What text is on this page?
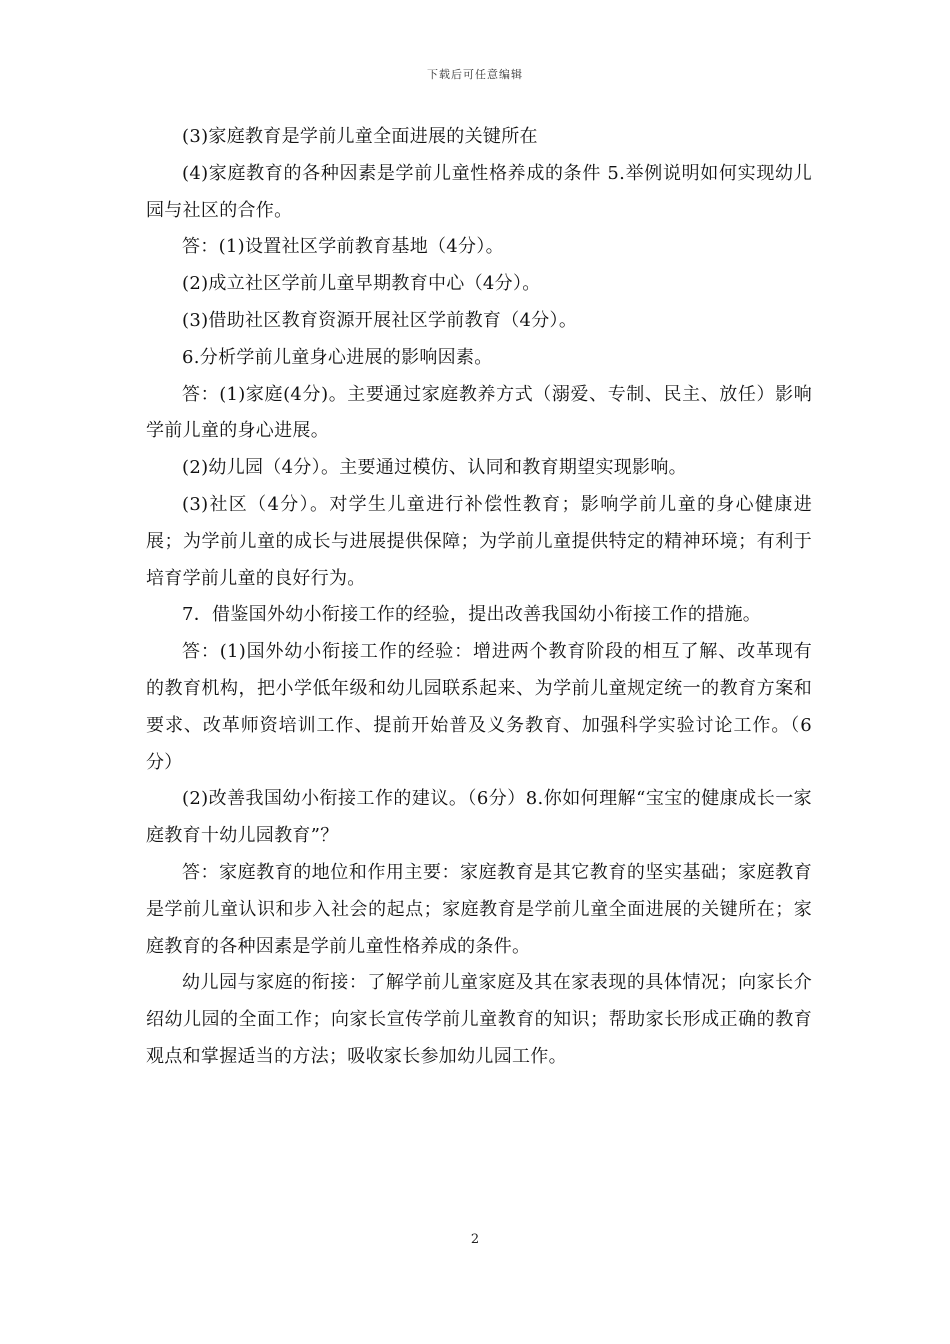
下载后可任意编辑

(3)家庭教育是学前儿童全面进展的关键所在

(4)家庭教育的各种因素是学前儿童性格养成的条件 5.举例说明如何实现幼儿园与社区的合作。

答：(1)设置社区学前教育基地（4分）。

(2)成立社区学前儿童早期教育中心（4分）。

(3)借助社区教育资源开展社区学前教育（4分）。

6.分析学前儿童身心进展的影响因素。

答：(1)家庭(4分)。主要通过家庭教养方式（溺爱、专制、民主、放任）影响学前儿童的身心进展。

(2)幼儿园（4分）。主要通过模仿、认同和教育期望实现影响。

(3)社区（4分）。对学生儿童进行补偿性教育；影响学前儿童的身心健康进展；为学前儿童的成长与进展提供保障；为学前儿童提供特定的精神环境；有利于培育学前儿童的良好行为。

7．借鉴国外幼小衔接工作的经验，提出改善我国幼小衔接工作的措施。

答：(1)国外幼小衔接工作的经验：增进两个教育阶段的相互了解、改革现有的教育机构，把小学低年级和幼儿园联系起来、为学前儿童规定统一的教育方案和要求、改革师资培训工作、提前开始普及义务教育、加强科学实验讨论工作。（6分）

(2)改善我国幼小衔接工作的建议。（6分）8.你如何理解“宝宝的健康成长一家庭教育十幼儿园教育”？

答：家庭教育的地位和作用主要：家庭教育是其它教育的坚实基础；家庭教育是学前儿童认识和步入社会的起点；家庭教育是学前儿童全面进展的关键所在；家庭教育的各种因素是学前儿童性格养成的条件。

幼儿园与家庭的衔接：了解学前儿童家庭及其在家表现的具体情况；向家长介绍幼儿园的全面工作；向家长宣传学前儿童教育的知识；帮助家长形成正确的教育观点和掌握适当的方法；吸收家长参加幼儿园工作。

2
